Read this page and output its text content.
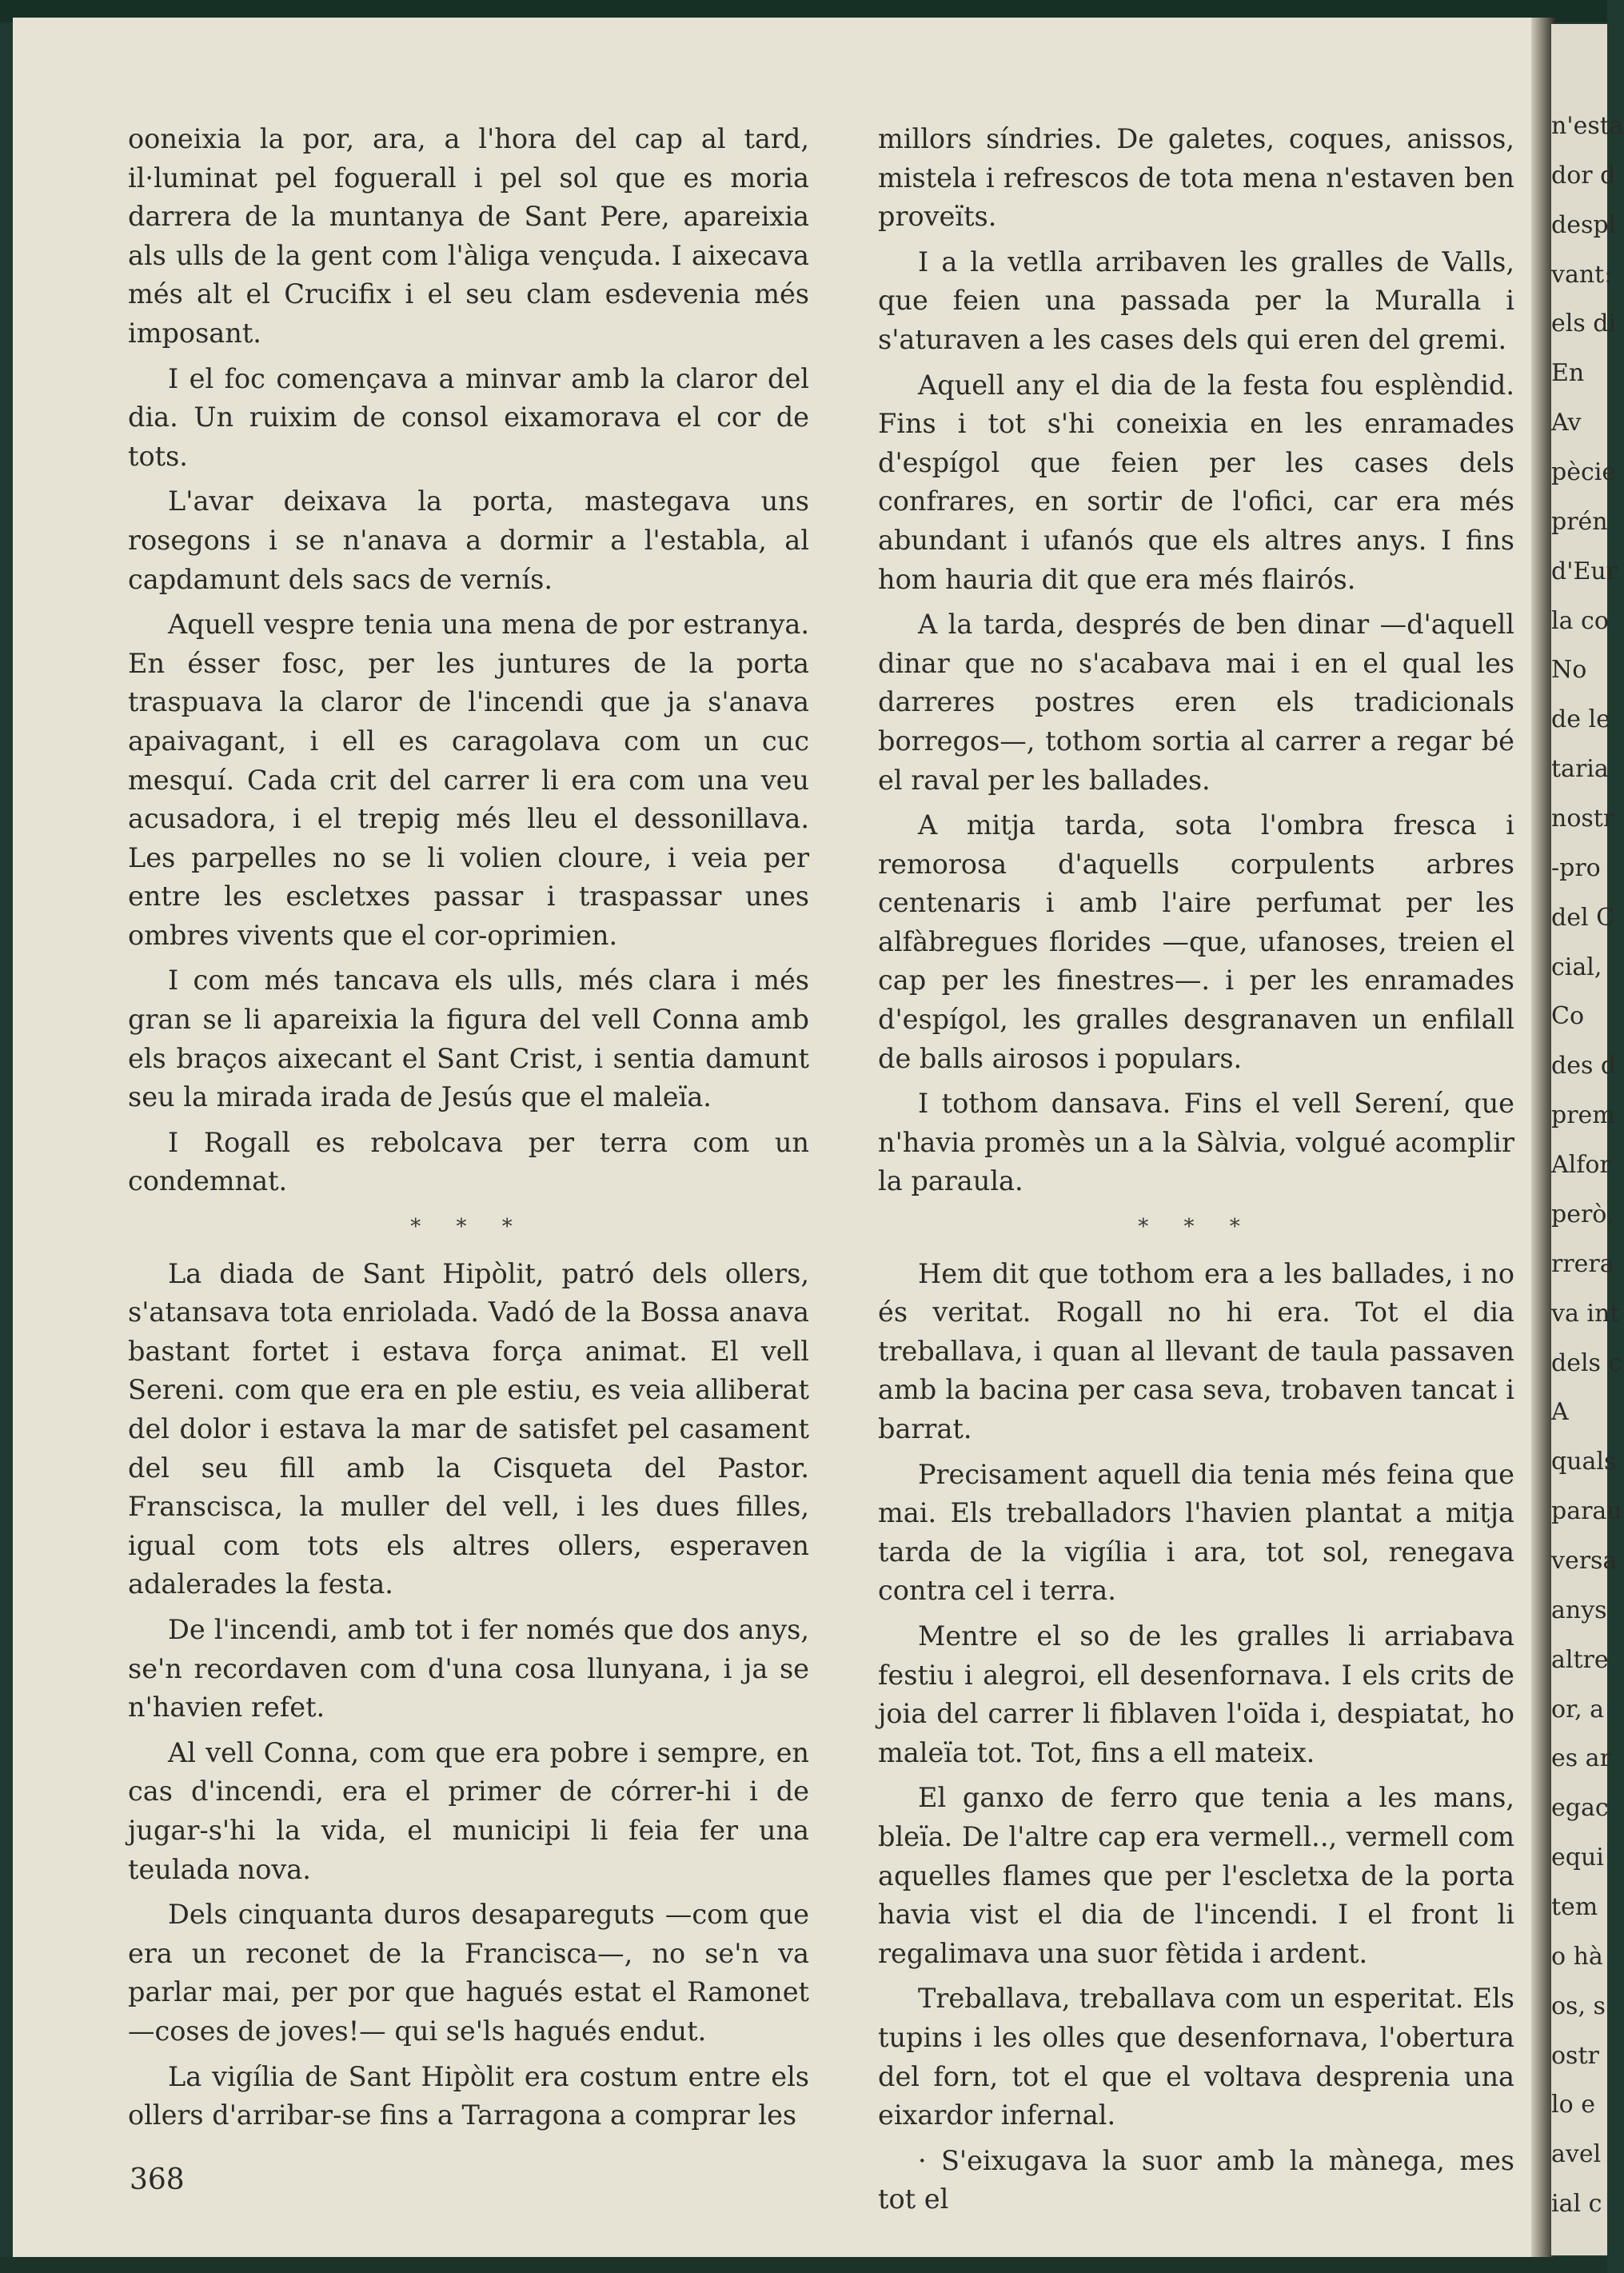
ooneixia la por, ara, a l'hora del cap al tard, il·luminat pel foguerall i pel sol que es moria darrera de la muntanya de Sant Pere, apareixia als ulls de la gent com l'àliga vençuda. I aixecava més alt el Crucifix i el seu clam esdevenia més imposant.

I el foc començava a minvar amb la claror del dia. Un ruixim de consol eixamorava el cor de tots.

L'avar deixava la porta, mastegava uns rosegons i se n'anava a dormir a l'establa, al capdamunt dels sacs de vernís.

Aquell vespre tenia una mena de por estranya. En ésser fosc, per les juntures de la porta traspuava la claror de l'incendi que ja s'anava apaivagant, i ell es caragolava com un cuc mesquí. Cada crit del carrer li era com una veu acusadora, i el trepig més lleu el dessonillava. Les parpelles no se li volien cloure, i veia per entre les escletxes passar i traspassar unes ombres vivents que el cor-oprimien.

I com més tancava els ulls, més clara i més gran se li apareixia la figura del vell Conna amb els braços aixecant el Sant Crist, i sentia damunt seu la mirada irada de Jesús que el maleïa.

I Rogall es rebolcava per terra com un condemnat.

* * *

La diada de Sant Hipòlit, patró dels ollers, s'atansava tota enriolada. Vadó de la Bossa anava bastant fortet i estava força animat. El vell Sereni. com que era en ple estiu, es veia alliberat del dolor i estava la mar de satisfet pel casament del seu fill amb la Cisqueta del Pastor. Franscisca, la muller del vell, i les dues filles, igual com tots els altres ollers, esperaven adalerades la festa.

De l'incendi, amb tot i fer només que dos anys, se'n recordaven com d'una cosa llunyana, i ja se n'havien refet.

Al vell Conna, com que era pobre i sempre, en cas d'incendi, era el primer de córrer-hi i de jugar-s'hi la vida, el municipi li feia fer una teulada nova.

Dels cinquanta duros desapareguts —com que era un reconet de la Francisca—, no se'n va parlar mai, per por que hagués estat el Ramonet —coses de joves!— qui se'ls hagués endut.

La vigília de Sant Hipòlit era costum entre els ollers d'arribar-se fins a Tarragona a comprar les

millors síndries. De galetes, coques, anissos, mistela i refrescos de tota mena n'estaven ben proveïts.

I a la vetlla arribaven les gralles de Valls, que feien una passada per la Muralla i s'aturaven a les cases dels qui eren del gremi.

Aquell any el dia de la festa fou esplèndid. Fins i tot s'hi coneixia en les enramades d'espígol que feien per les cases dels confrares, en sortir de l'ofici, car era més abundant i ufanós que els altres anys. I fins hom hauria dit que era més flairós.

A la tarda, després de ben dinar —d'aquell dinar que no s'acabava mai i en el qual les darreres postres eren els tradicionals borregos—, tothom sortia al carrer a regar bé el raval per les ballades.

A mitja tarda, sota l'ombra fresca i remorosa d'aquells corpulents arbres centenaris i amb l'aire perfumat per les alfàbregues florides —que, ufanoses, treien el cap per les finestres—. i per les enramades d'espígol, les gralles desgranaven un enfilall de balls airosos i populars.

I tothom dansava. Fins el vell Serení, que n'havia promès un a la Sàlvia, volgué acomplir la paraula.

* * *

Hem dit que tothom era a les ballades, i no és veritat. Rogall no hi era. Tot el dia treballava, i quan al llevant de taula passaven amb la bacina per casa seva, trobaven tancat i barrat.

Precisament aquell dia tenia més feina que mai. Els treballadors l'havien plantat a mitja tarda de la vigília i ara, tot sol, renegava contra cel i terra.

Mentre el so de les gralles li arriabava festiu i alegroi, ell desenfornava. I els crits de joia del carrer li fiblaven l'oïda i, despiatat, ho maleïa tot. Tot, fins a ell mateix.

El ganxo de ferro que tenia a les mans, bleïa. De l'altre cap era vermell.., vermell com aquelles flames que per l'escletxa de la porta havia vist el dia de l'incendi. I el front li regalimava una suor fètida i ardent.

Treballava, treballava com un esperitat. Els tupins i les olles que desenfornava, l'obertura del forn, tot el que el voltava desprenia una eixardor infernal.

· S'eixugava la suor amb la mànega, mes tot el

368
n'esta
dor d
despl
vant:
els di
En
Av
pècie
prén
d'Eur
la co
No
de le
taria
nostr
-pro
del C
cial,
Co
des d
prem
Alfor
però,
rrera
va int
dels c
A
quals
parau
versa
anys
altre
or, a
es ar
egac
equi
tem
o hà
os, s
ostr
lo e
avel
ial c
